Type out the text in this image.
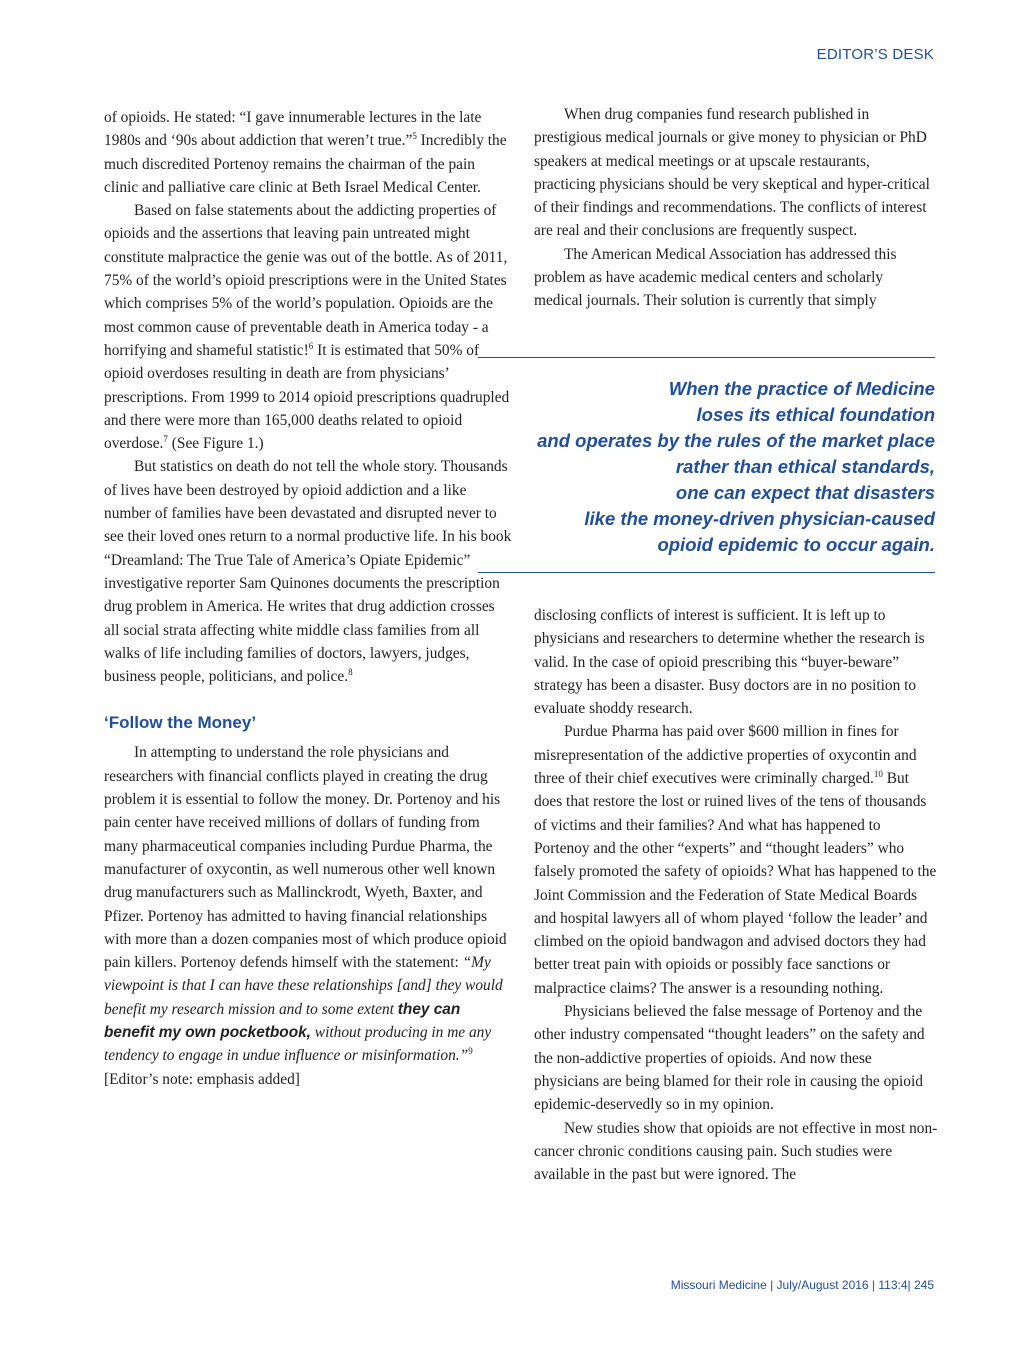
EDITOR’S DESK

of opioids. He stated: “I gave innumerable lectures in the late 1980s and ‘90s about addiction that weren’t true.”$^5$ Incredibly the much discredited Portenoy remains the chairman of the pain clinic and palliative care clinic at Beth Israel Medical Center.

Based on false statements about the addicting properties of opioids and the assertions that leaving pain untreated might constitute malpractice the genie was out of the bottle. As of 2011, 75% of the world’s opioid prescriptions were in the United States which comprises 5% of the world’s population. Opioids are the most common cause of preventable death in America today - a horrifying and shameful statistic!$^6$ It is estimated that 50% of opioid overdoses resulting in death are from physicians’ prescriptions. From 1999 to 2014 opioid prescriptions quadrupled and there were more than 165,000 deaths related to opioid overdose.$^7$ (See Figure 1.)

But statistics on death do not tell the whole story. Thousands of lives have been destroyed by opioid addiction and a like number of families have been devastated and disrupted never to see their loved ones return to a normal productive life. In his book “Dreamland: The True Tale of America’s Opiate Epidemic” investigative reporter Sam Quinones documents the prescription drug problem in America. He writes that drug addiction crosses all social strata affecting white middle class families from all walks of life including families of doctors, lawyers, judges, business people, politicians, and police.$^8$

‘Follow the Money’

In attempting to understand the role physicians and researchers with financial conflicts played in creating the drug problem it is essential to follow the money. Dr. Portenoy and his pain center have received millions of dollars of funding from many pharmaceutical companies including Purdue Pharma, the manufacturer of oxycontin, as well numerous other well known drug manufacturers such as Mallinckrodt, Wyeth, Baxter, and Pfizer. Portenoy has admitted to having financial relationships with more than a dozen companies most of which produce opioid pain killers. Portenoy defends himself with the statement: “My viewpoint is that I can have these relationships [and] they would benefit my research mission and to some extent they can benefit my own pocketbook, without producing in me any tendency to engage in undue influence or misinformation.”$^9$ [Editor’s note: emphasis added]

When drug companies fund research published in prestigious medical journals or give money to physician or PhD speakers at medical meetings or at upscale restaurants, practicing physicians should be very skeptical and hyper-critical of their findings and recommendations. The conflicts of interest are real and their conclusions are frequently suspect.

The American Medical Association has addressed this problem as have academic medical centers and scholarly medical journals. Their solution is currently that simply

When the practice of Medicine
loses its ethical foundation
and operates by the rules of the market place
rather than ethical standards,
one can expect that disasters
like the money-driven physician-caused
opioid epidemic to occur again.

disclosing conflicts of interest is sufficient. It is left up to physicians and researchers to determine whether the research is valid. In the case of opioid prescribing this “buyer-beware” strategy has been a disaster. Busy doctors are in no position to evaluate shoddy research.

Purdue Pharma has paid over $600 million in fines for misrepresentation of the addictive properties of oxycontin and three of their chief executives were criminally charged.$^{10}$ But does that restore the lost or ruined lives of the tens of thousands of victims and their families? And what has happened to Portenoy and the other “experts” and “thought leaders” who falsely promoted the safety of opioids? What has happened to the Joint Commission and the Federation of State Medical Boards and hospital lawyers all of whom played ‘follow the leader’ and climbed on the opioid bandwagon and advised doctors they had better treat pain with opioids or possibly face sanctions or malpractice claims? The answer is a resounding nothing.

Physicians believed the false message of Portenoy and the other industry compensated “thought leaders” on the safety and the non-addictive properties of opioids. And now these physicians are being blamed for their role in causing the opioid epidemic-deservedly so in my opinion.

New studies show that opioids are not effective in most non-cancer chronic conditions causing pain. Such studies were available in the past but were ignored. The

Missouri Medicine | July/August 2016 | 113:4| 245
